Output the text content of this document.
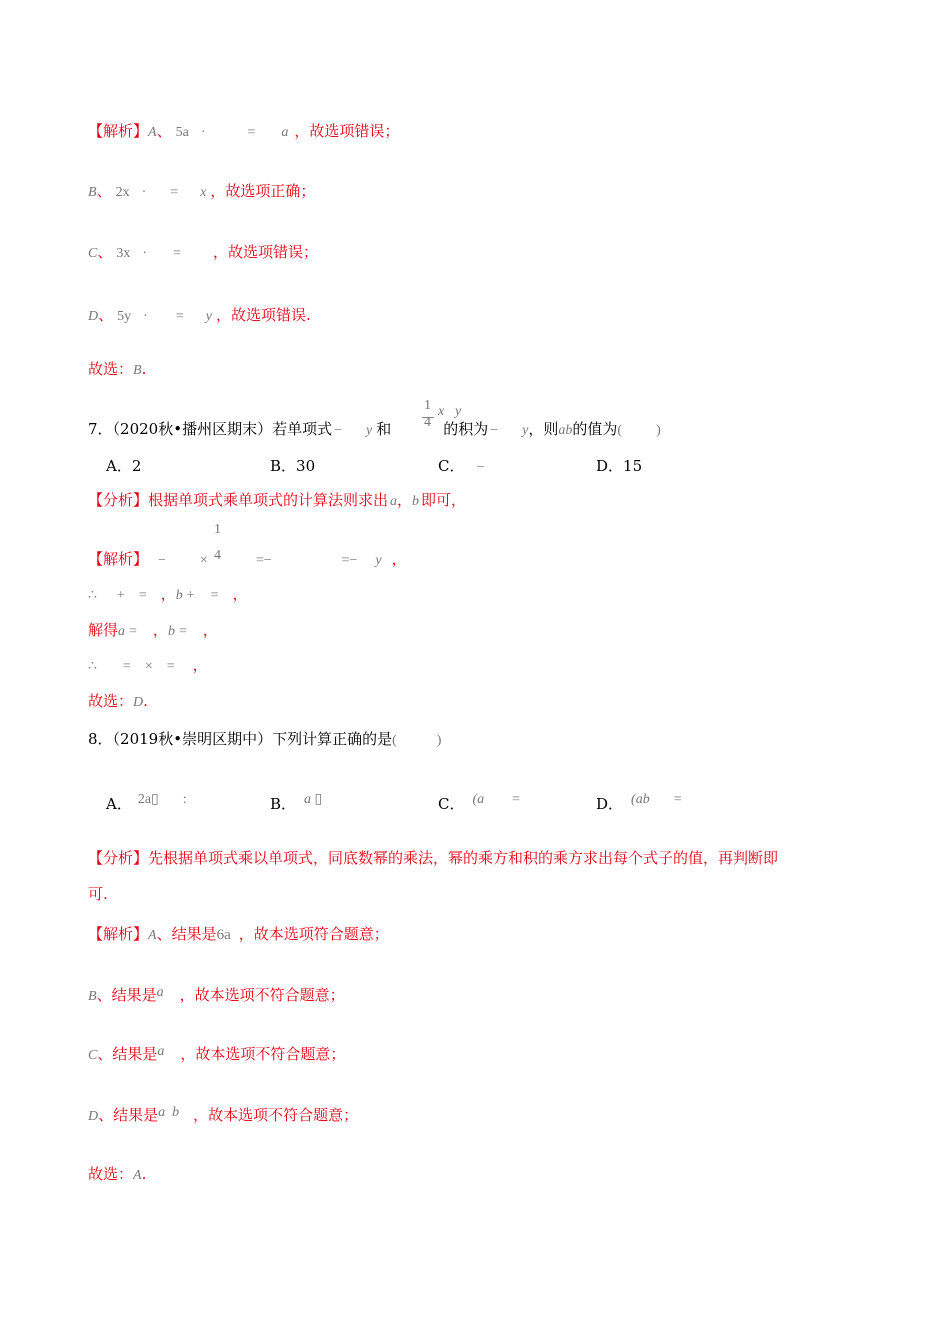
【解析】A、 5a ·	= a ，故选项错误；
B、 2x · = x ，故选项正确；
C、 3x · = ，故选项错误；
D、 5y · = y ，故选项错误.
故选：B.
7．（2020秋•播州区期末）若单项式 − y 和	的积为 − y，则ab的值为( )
1
4
x y
A．2	B．30	C． −	D．15
【分析】根据单项式乘单项式的计算法则求出 a，b 即可，
【解析】 − ×	=−	=− y ，
1
4
∴ + = ，b + = ，
解得a = ，b = ，
∴ = × = ，
故选：D.
8．（2019秋•崇明区期中）下列计算正确的是(	)
A． 2a▯ :	B． a ▯	C． (a =	D． (ab =
【分析】先根据单项式乘以单项式，同底数幂的乘法，幂的乘方和积的乘方求出每个式子的值，再判断即
可.
【解析】A、结果是6a ，故本选项符合题意；
B、结果是a ，故本选项不符合题意；
C、结果是a ，故本选项不符合题意；
D、结果是a  b ，故本选项不符合题意；
故选：A.
